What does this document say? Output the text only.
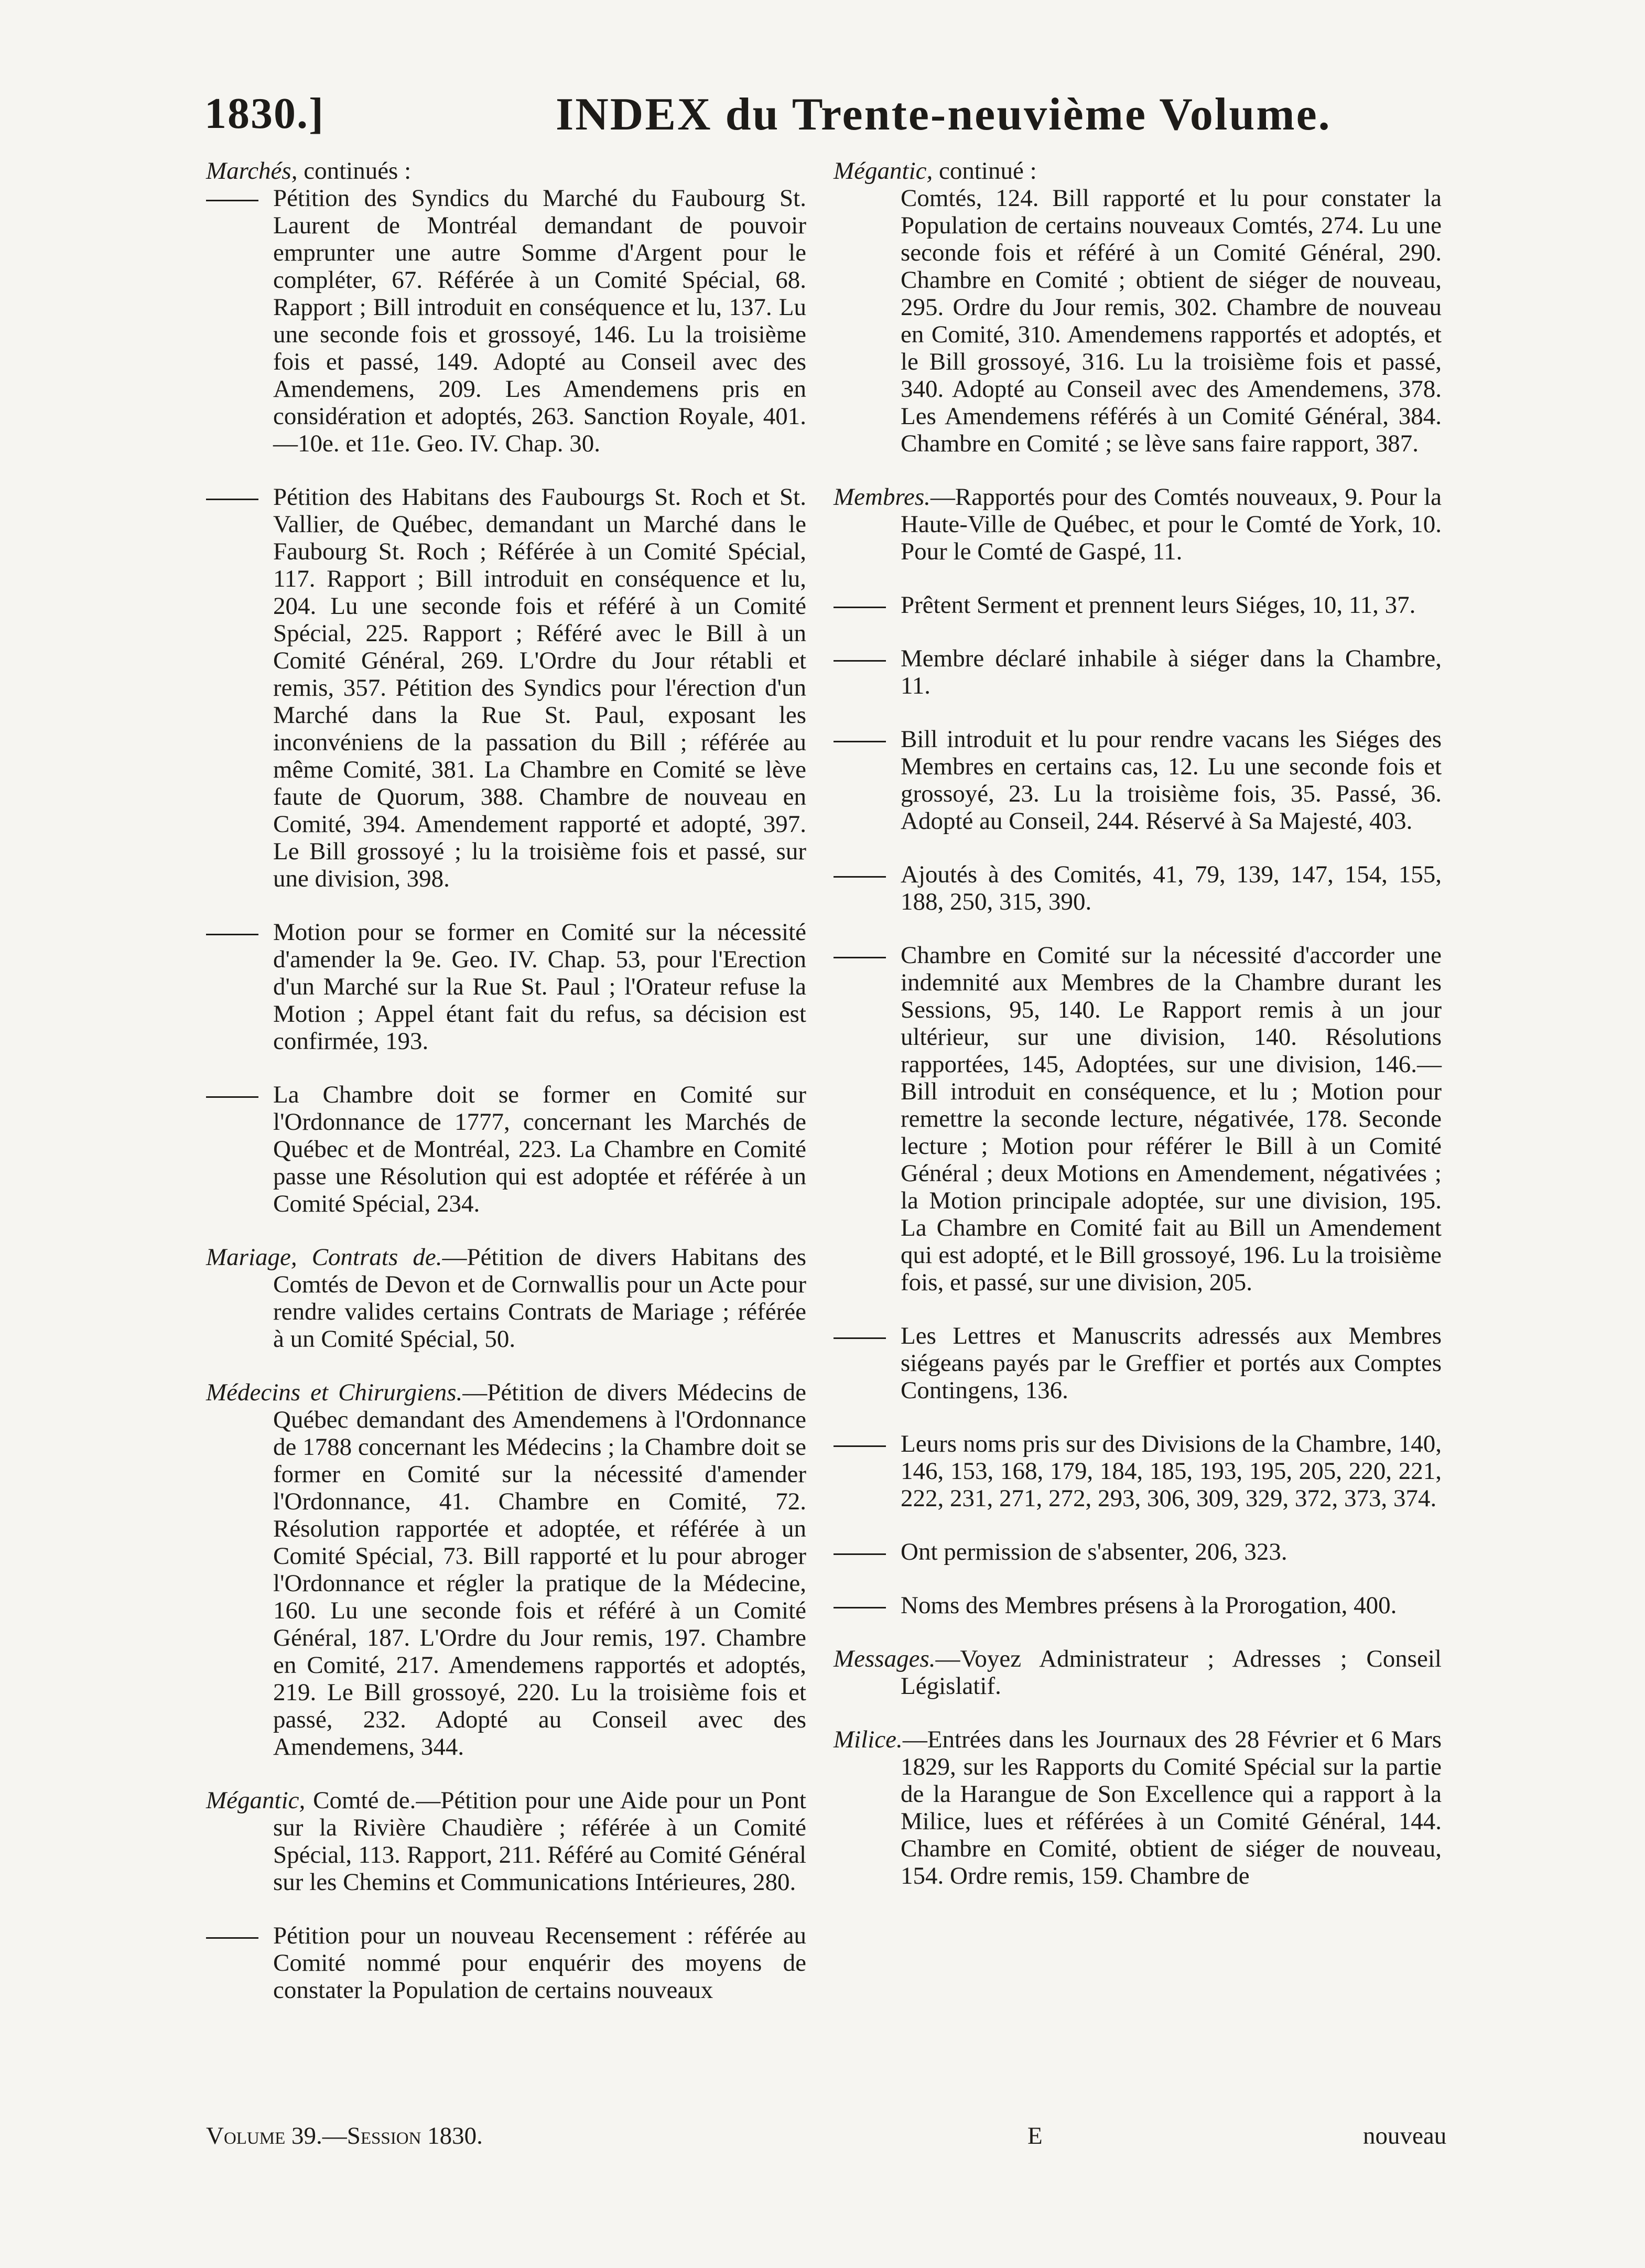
1830.]	INDEX du Trente-neuvième Volume.
Marchés, continués :
Pétition des Syndics du Marché du Faubourg St. Laurent de Montréal demandant de pouvoir emprunter une autre Somme d'Argent pour le compléter, 67. Référée à un Comité Spécial, 68. Rapport ; Bill introduit en conséquence et lu, 137. Lu une seconde fois et grossoyé, 146. Lu la troisième fois et passé, 149. Adopté au Conseil avec des Amendemens, 209. Les Amendemens pris en considération et adoptés, 263. Sanction Royale, 401.—10e. et 11e. Geo. IV. Chap. 30.
Pétition des Habitans des Faubourgs St. Roch et St. Vallier, de Québec, demandant un Marché dans le Faubourg St. Roch ; Référée à un Comité Spécial, 117. Rapport ; Bill introduit en conséquence et lu, 204. Lu une seconde fois et référé à un Comité Spécial, 225. Rapport ; Référé avec le Bill à un Comité Général, 269. L'Ordre du Jour rétabli et remis, 357. Pétition des Syndics pour l'érection d'un Marché dans la Rue St. Paul, exposant les inconvéniens de la passation du Bill ; référée au même Comité, 381. La Chambre en Comité se lève faute de Quorum, 388. Chambre de nouveau en Comité, 394. Amendement rapporté et adopté, 397. Le Bill grossoyé ; lu la troisième fois et passé, sur une division, 398.
Motion pour se former en Comité sur la nécessité d'amender la 9e. Geo. IV. Chap. 53, pour l'Erection d'un Marché sur la Rue St. Paul ; l'Orateur refuse la Motion ; Appel étant fait du refus, sa décision est confirmée, 193.
La Chambre doit se former en Comité sur l'Ordonnance de 1777, concernant les Marchés de Québec et de Montréal, 223. La Chambre en Comité passe une Résolution qui est adoptée et référée à un Comité Spécial, 234.
Mariage, Contrats de.—Pétition de divers Habitans des Comtés de Devon et de Cornwallis pour un Acte pour rendre valides certains Contrats de Mariage ; référée à un Comité Spécial, 50.
Médecins et Chirurgiens.—Pétition de divers Médecins de Québec demandant des Amendemens à l'Ordonnance de 1788 concernant les Médecins ; la Chambre doit se former en Comité sur la nécessité d'amender l'Ordonnance, 41. Chambre en Comité, 72. Résolution rapportée et adoptée, et référée à un Comité Spécial, 73. Bill rapporté et lu pour abroger l'Ordonnance et régler la pratique de la Médecine, 160. Lu une seconde fois et référé à un Comité Général, 187. L'Ordre du Jour remis, 197. Chambre en Comité, 217. Amendemens rapportés et adoptés, 219. Le Bill grossoyé, 220. Lu la troisième fois et passé, 232. Adopté au Conseil avec des Amendemens, 344.
Mégantic, Comté de.—Pétition pour une Aide pour un Pont sur la Rivière Chaudière ; référée à un Comité Spécial, 113. Rapport, 211. Référé au Comité Général sur les Chemins et Communications Intérieures, 280.
Pétition pour un nouveau Recensement : référée au Comité nommé pour enquérir des moyens de constater la Population de certains nouveaux
Mégantic, continué :
Comtés, 124. Bill rapporté et lu pour constater la Population de certains nouveaux Comtés, 274. Lu une seconde fois et référé à un Comité Général, 290. Chambre en Comité ; obtient de siéger de nouveau, 295. Ordre du Jour remis, 302. Chambre de nouveau en Comité, 310. Amendemens rapportés et adoptés, et le Bill grossoyé, 316. Lu la troisième fois et passé, 340. Adopté au Conseil avec des Amendemens, 378. Les Amendemens référés à un Comité Général, 384. Chambre en Comité ; se lève sans faire rapport, 387.
Membres.—Rapportés pour des Comtés nouveaux, 9. Pour la Haute-Ville de Québec, et pour le Comté de York, 10. Pour le Comté de Gaspé, 11.
Prêtent Serment et prennent leurs Siéges, 10, 11, 37.
Membre déclaré inhabile à siéger dans la Chambre, 11.
Bill introduit et lu pour rendre vacans les Siéges des Membres en certains cas, 12. Lu une seconde fois et grossoyé, 23. Lu la troisième fois, 35. Passé, 36. Adopté au Conseil, 244. Réservé à Sa Majesté, 403.
Ajoutés à des Comités, 41, 79, 139, 147, 154, 155, 188, 250, 315, 390.
Chambre en Comité sur la nécessité d'accorder une indemnité aux Membres de la Chambre durant les Sessions, 95, 140. Le Rapport remis à un jour ultérieur, sur une division, 140. Résolutions rapportées, 145, Adoptées, sur une division, 146.—Bill introduit en conséquence, et lu ; Motion pour remettre la seconde lecture, négativée, 178. Seconde lecture ; Motion pour référer le Bill à un Comité Général ; deux Motions en Amendement, négativées ; la Motion principale adoptée, sur une division, 195. La Chambre en Comité fait au Bill un Amendement qui est adopté, et le Bill grossoyé, 196. Lu la troisième fois, et passé, sur une division, 205.
Les Lettres et Manuscrits adressés aux Membres siégeans payés par le Greffier et portés aux Comptes Contingens, 136.
Leurs noms pris sur des Divisions de la Chambre, 140, 146, 153, 168, 179, 184, 185, 193, 195, 205, 220, 221, 222, 231, 271, 272, 293, 306, 309, 329, 372, 373, 374.
Ont permission de s'absenter, 206, 323.
Noms des Membres présens à la Prorogation, 400.
Messages.—Voyez Administrateur ; Adresses ; Conseil Législatif.
Milice.—Entrées dans les Journaux des 28 Février et 6 Mars 1829, sur les Rapports du Comité Spécial sur la partie de la Harangue de Son Excellence qui a rapport à la Milice, lues et référées à un Comité Général, 144. Chambre en Comité, obtient de siéger de nouveau, 154. Ordre remis, 159. Chambre de
Volume 39.—Session 1830.	E	nouveau
